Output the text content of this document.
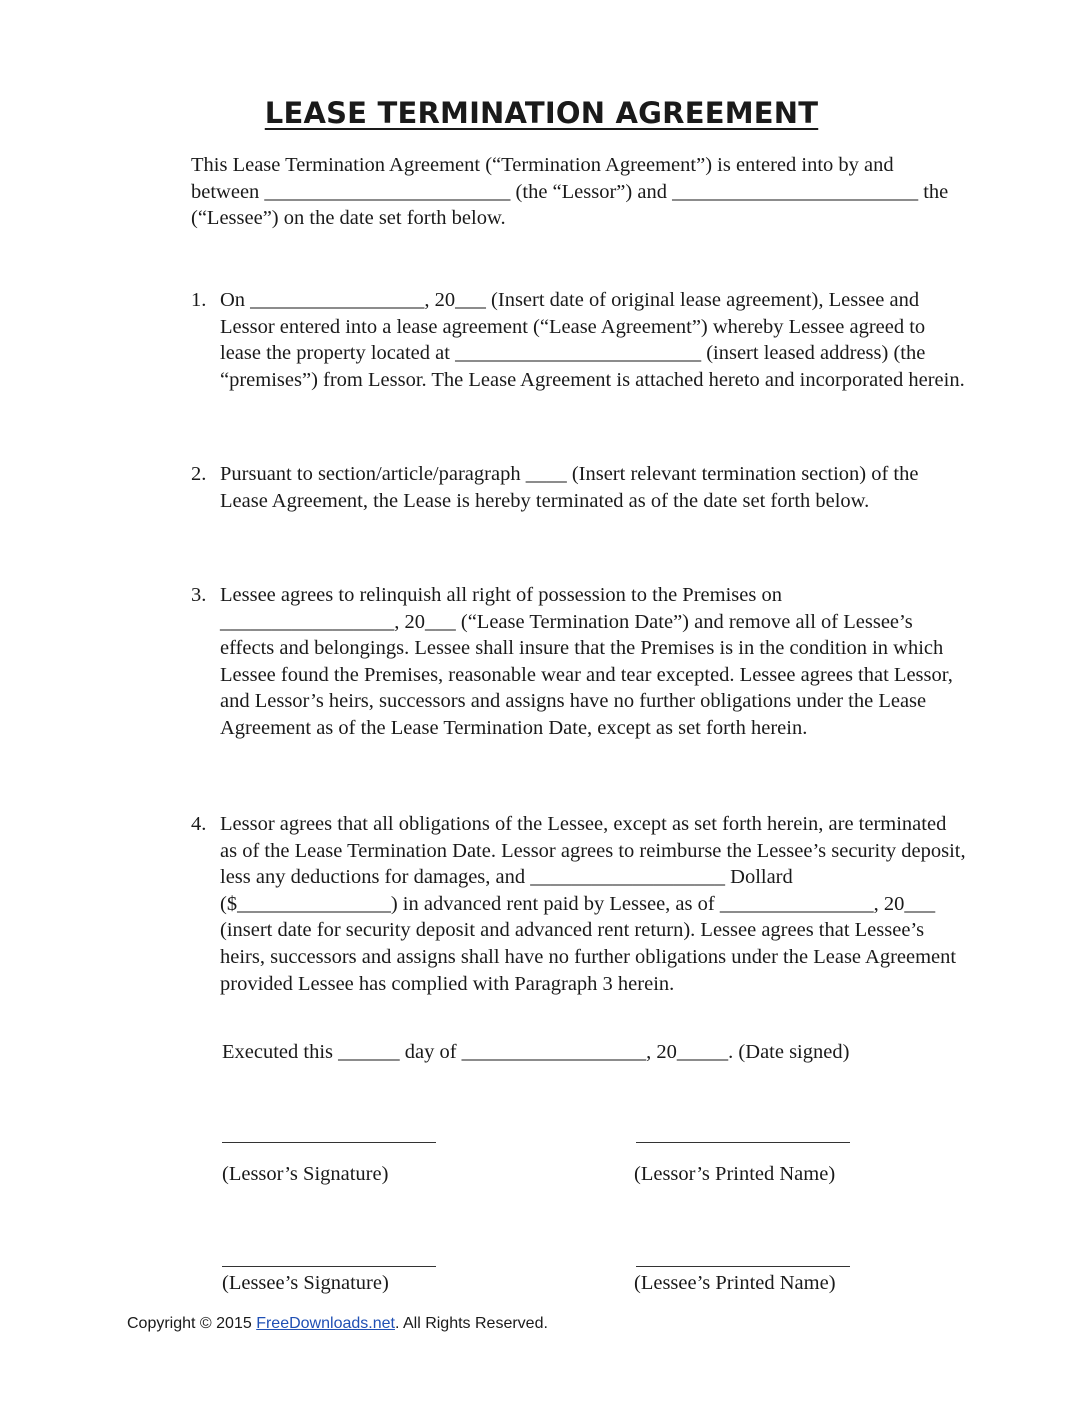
LEASE TERMINATION AGREEMENT

This Lease Termination Agreement (“Termination Agreement”) is entered into by and between ________________________ (the “Lessor”) and ________________________ the (“Lessee”) on the date set forth below.

1. On _________________, 20___ (Insert date of original lease agreement), Lessee and Lessor entered into a lease agreement (“Lease Agreement”) whereby Lessee agreed to lease the property located at ________________________ (insert leased address) (the “premises”) from Lessor. The Lease Agreement is attached hereto and incorporated herein.

2. Pursuant to section/article/paragraph ____ (Insert relevant termination section) of the Lease Agreement, the Lease is hereby terminated as of the date set forth below.

3. Lessee agrees to relinquish all right of possession to the Premises on _________________, 20___ (“Lease Termination Date”) and remove all of Lessee’s effects and belongings. Lessee shall insure that the Premises is in the condition in which Lessee found the Premises, reasonable wear and tear excepted. Lessee agrees that Lessor, and Lessor’s heirs, successors and assigns have no further obligations under the Lease Agreement as of the Lease Termination Date, except as set forth herein.

4. Lessor agrees that all obligations of the Lessee, except as set forth herein, are terminated as of the Lease Termination Date. Lessor agrees to reimburse the Lessee’s security deposit, less any deductions for damages, and ___________________ Dollard ($_______________) in advanced rent paid by Lessee, as of _______________, 20___ (insert date for security deposit and advanced rent return). Lessee agrees that Lessee’s heirs, successors and assigns shall have no further obligations under the Lease Agreement provided Lessee has complied with Paragraph 3 herein.

Executed this ______ day of __________________, 20_____. (Date signed)

(Lessor’s Signature)	(Lessor’s Printed Name)

(Lessee’s Signature)	(Lessee’s Printed Name)

Copyright © 2015 FreeDownloads.net. All Rights Reserved.
